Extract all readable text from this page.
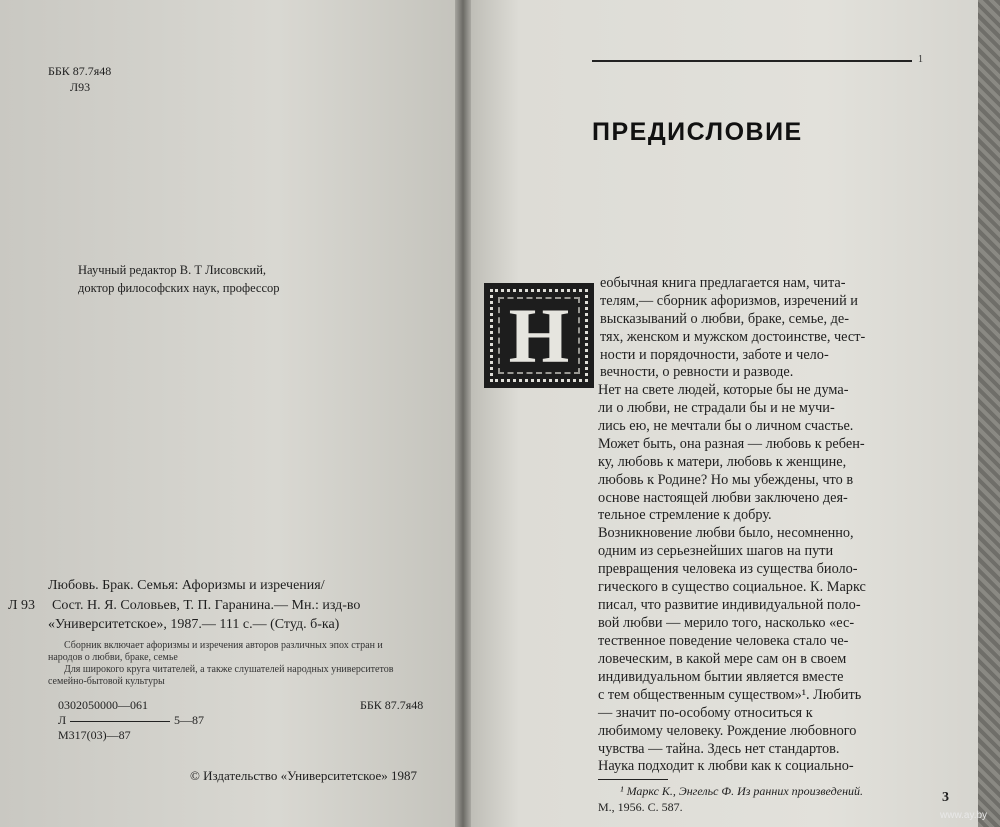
ББК 87.7я48
Л93
Научный редактор В. Т Лисовский,
доктор философских наук, профессор
Любовь. Брак. Семья: Афоризмы и изречения/
Л 93 Сост. Н. Я. Соловьев, Т. П. Гаранина.— Мн.: изд-во
«Университетское», 1987.— 111 с.— (Студ. б-ка)
Сборник включает афоризмы и изречения авторов различных эпох стран и
народов о любви, браке, семье
Для широкого круга читателей, а также слушателей народных университетов
семейно-бытовой культуры
0302050000—061	ББК 87.7я48
Л	5—87
М317(03)—87
© Издательство «Университетское» 1987
1
ПРЕДИСЛОВИЕ
Н
еобычная книга предлагается нам, чита-
телям,— сборник афоризмов, изречений и
высказываний о любви, браке, семье, де-
тях, женском и мужском достоинстве, чест-
ности и порядочности, заботе и чело-
вечности, о ревности и разводе.
Нет на свете людей, которые бы не дума-
ли о любви, не страдали бы и не мучи-
лись ею, не мечтали бы о личном счастье.
Может быть, она разная — любовь к ребен-
ку, любовь к матери, любовь к женщине,
любовь к Родине? Но мы убеждены, что в
основе настоящей любви заключено дея-
тельное стремление к добру.
Возникновение любви было, несомненно,
одним из серьезнейших шагов на пути
превращения человека из существа биоло-
гического в существо социальное. К. Маркс
писал, что развитие индивидуальной поло-
вой любви — мерило того, насколько «ес-
тественное поведение человека стало че-
ловеческим, в какой мере сам он в своем
индивидуальном бытии является вместе
с тем общественным существом»¹. Любить
— значит по-особому относиться к
любимому человеку. Рождение любовного
чувства — тайна. Здесь нет стандартов.
Наука подходит к любви как к социально-
¹ Маркс К., Энгельс Ф. Из ранних произведений.
М., 1956. С. 587.
3
www.ay.by
